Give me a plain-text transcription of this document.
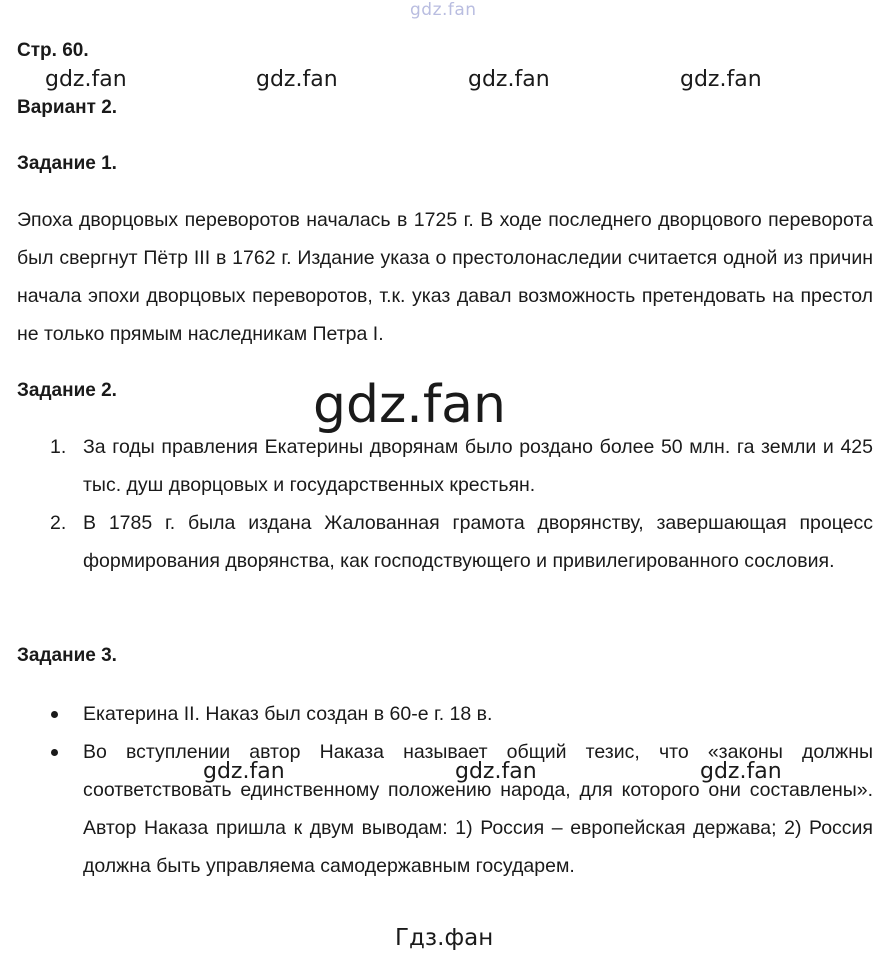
gdz.fan
Стр. 60.
gdz.fan	gdz.fan	gdz.fan	gdz.fan
Вариант 2.
Задание 1.
Эпоха дворцовых переворотов началась в 1725 г. В ходе последнего дворцового переворота был свергнут Пётр III в 1762 г. Издание указа о престолонаследии считается одной из причин начала эпохи дворцовых переворотов, т.к. указ давал возможность претендовать на престол не только прямым наследникам Петра I.
Задание 2.	gdz.fan
1. За годы правления Екатерины дворянам было роздано более 50 млн. га земли и 425 тыс. душ дворцовых и государственных крестьян.
2. В 1785 г. была издана Жалованная грамота дворянству, завершающая процесс формирования дворянства, как господствующего и привилегированного сословия.
Задание 3.
Екатерина II. Наказ был создан в 60-е г. 18 в.
Во вступлении автор Наказа называет общий тезис, что «законы должны соответствовать единственному положению народа, для которого они составлены». Автор Наказа пришла к двум выводам: 1) Россия – европейская держава; 2) Россия должна быть управляема самодержавным государем.
gdz.fan	gdz.fan	gdz.fan
Гдз.фан
